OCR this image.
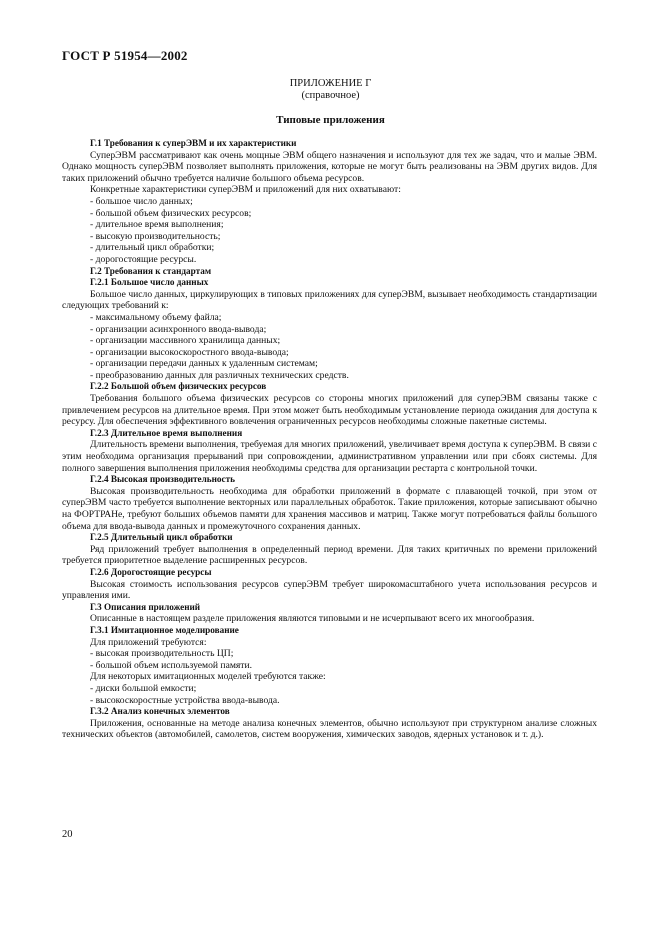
ГОСТ Р 51954—2002
ПРИЛОЖЕНИЕ Г
(справочное)
Типовые приложения

Г.1 Требования к суперЭВМ и их характеристики

СуперЭВМ рассматривают как очень мощные ЭВМ общего назначения и используют для тех же задач, что и малые ЭВМ. Однако мощность суперЭВМ позволяет выполнять приложения, которые не могут быть реализованы на ЭВМ других видов. Для таких приложений обычно требуется наличие большого объема ресурсов.

Конкретные характеристики суперЭВМ и приложений для них охватывают:

- большое число данных;

- большой объем физических ресурсов;

- длительное время выполнения;

- высокую производительность;

- длительный цикл обработки;

- дорогостоящие ресурсы.

Г.2 Требования к стандартам

Г.2.1 Большое число данных

Большое число данных, циркулирующих в типовых приложениях для суперЭВМ, вызывает необходимость стандартизации следующих требований к:

- максимальному объему файла;

- организации асинхронного ввода-вывода;

- организации массивного хранилища данных;

- организации высокоскоростного ввода-вывода;

- организации передачи данных к удаленным системам;

- преобразованию данных для различных технических средств.

Г.2.2 Большой объем физических ресурсов

Требования большого объема физических ресурсов со стороны многих приложений для суперЭВМ связаны также с привлечением ресурсов на длительное время. При этом может быть необходимым установление периода ожидания для доступа к ресурсу. Для обеспечения эффективного вовлечения ограниченных ресурсов необходимы сложные пакетные системы.

Г.2.3 Длительное время выполнения

Длительность времени выполнения, требуемая для многих приложений, увеличивает время доступа к суперЭВМ. В связи с этим необходима организация прерываний при сопровождении, административном управлении или при сбоях системы. Для полного завершения выполнения приложения необходимы средства для организации рестарта с контрольной точки.

Г.2.4 Высокая производительность

Высокая производительность необходима для обработки приложений в формате с плавающей точкой, при этом от суперЭВМ часто требуется выполнение векторных или параллельных обработок. Такие приложения, которые записывают обычно на ФОРТРАНе, требуют больших объемов памяти для хранения массивов и матриц. Также могут потребоваться файлы большого объема для ввода-вывода данных и промежуточного сохранения данных.

Г.2.5 Длительный цикл обработки

Ряд приложений требует выполнения в определенный период времени. Для таких критичных по времени приложений требуется приоритетное выделение расширенных ресурсов.

Г.2.6 Дорогостоящие ресурсы

Высокая стоимость использования ресурсов суперЭВМ требует широкомасштабного учета использования ресурсов и управления ими.

Г.3 Описания приложений

Описанные в настоящем разделе приложения являются типовыми и не исчерпывают всего их многообразия.

Г.3.1 Имитационное моделирование

Для приложений требуются:

- высокая производительность ЦП;

- большой объем используемой памяти.

Для некоторых имитационных моделей требуются также:

- диски большой емкости;

- высокоскоростные устройства ввода-вывода.

Г.3.2 Анализ конечных элементов

Приложения, основанные на методе анализа конечных элементов, обычно используют при структурном анализе сложных технических объектов (автомобилей, самолетов, систем вооружения, химических заводов, ядерных установок и т. д.).

20
